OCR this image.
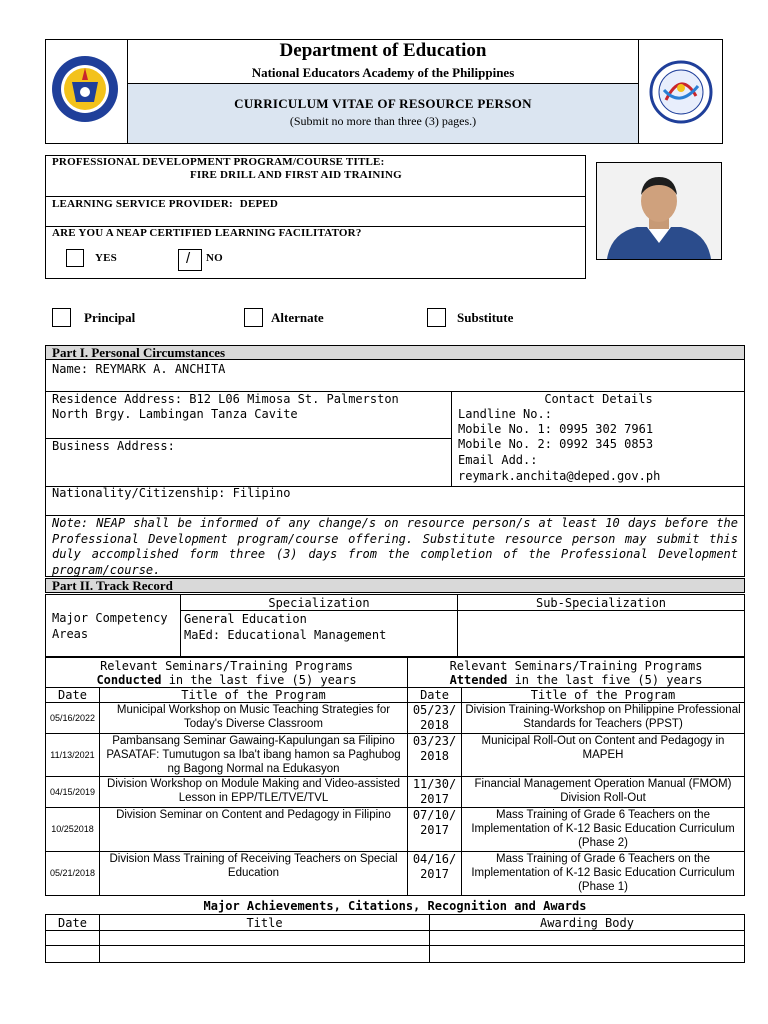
Department of Education
National Educators Academy of the Philippines
CURRICULUM VITAE OF RESOURCE PERSON
(Submit no more than three (3) pages.)
PROFESSIONAL DEVELOPMENT PROGRAM/COURSE TITLE:
FIRE DRILL AND FIRST AID TRAINING
LEARNING SERVICE PROVIDER: DEPED
ARE YOU A NEAP CERTIFIED LEARNING FACILITATOR?
YES	/ NO
Principal	Alternate	Substitute
Part I. Personal Circumstances
Name: REYMARK A. ANCHITA
Residence Address: B12 L06 Mimosa St. Palmerston
North Brgy. Lambingan Tanza Cavite
Business Address:
Contact Details
Landline No.:
Mobile No. 1: 0995 302 7961
Mobile No. 2: 0992 345 0853
Email Add.:
reymark.anchita@deped.gov.ph
Nationality/Citizenship: Filipino
Note: NEAP shall be informed of any change/s on resource person/s at least 10 days before the Professional Development program/course offering. Substitute resource person may submit this duly accomplished form three (3) days from the completion of the Professional Development program/course.
Part II. Track Record
Major Competency Areas	Specialization	Sub-Specialization

	General Education
MaEd: Educational Management	

Relevant Seminars/Training Programs
Conducted in the last five (5) years		Relevant Seminars/Training Programs
Attended in the last five (5) years	
Date	Title of the Program	Date	Title of the Program
05/16/2022	Municipal Workshop on Music Teaching Strategies for Today's Diverse Classroom	05/23/2018	Division Training-Workshop on Philippine Professional Standards for Teachers (PPST)
11/13/2021	Pambansang Seminar Gawaing-Kapulungan sa Filipino PASATAF: Tumutugon sa Iba't ibang hamon sa Paghubog ng Bagong Normal na Edukasyon	03/23/2018	Municipal Roll-Out on Content and Pedagogy in MAPEH
04/15/2019	Division Workshop on Module Making and Video-assisted Lesson in EPP/TLE/TVE/TVL	11/30/2017	Financial Management Operation Manual (FMOM) Division Roll-Out
10/252018	Division Seminar on Content and Pedagogy in Filipino	07/10/2017	Mass Training of Grade 6 Teachers on the Implementation of K-12 Basic Education Curriculum (Phase 2)
05/21/2018	Division Mass Training of Receiving Teachers on Special Education	04/16/2017	Mass Training of Grade 6 Teachers on the Implementation of K-12 Basic Education Curriculum (Phase 1)
Major Achievements, Citations, Recognition and Awards
Date	Title	Awarding Body
